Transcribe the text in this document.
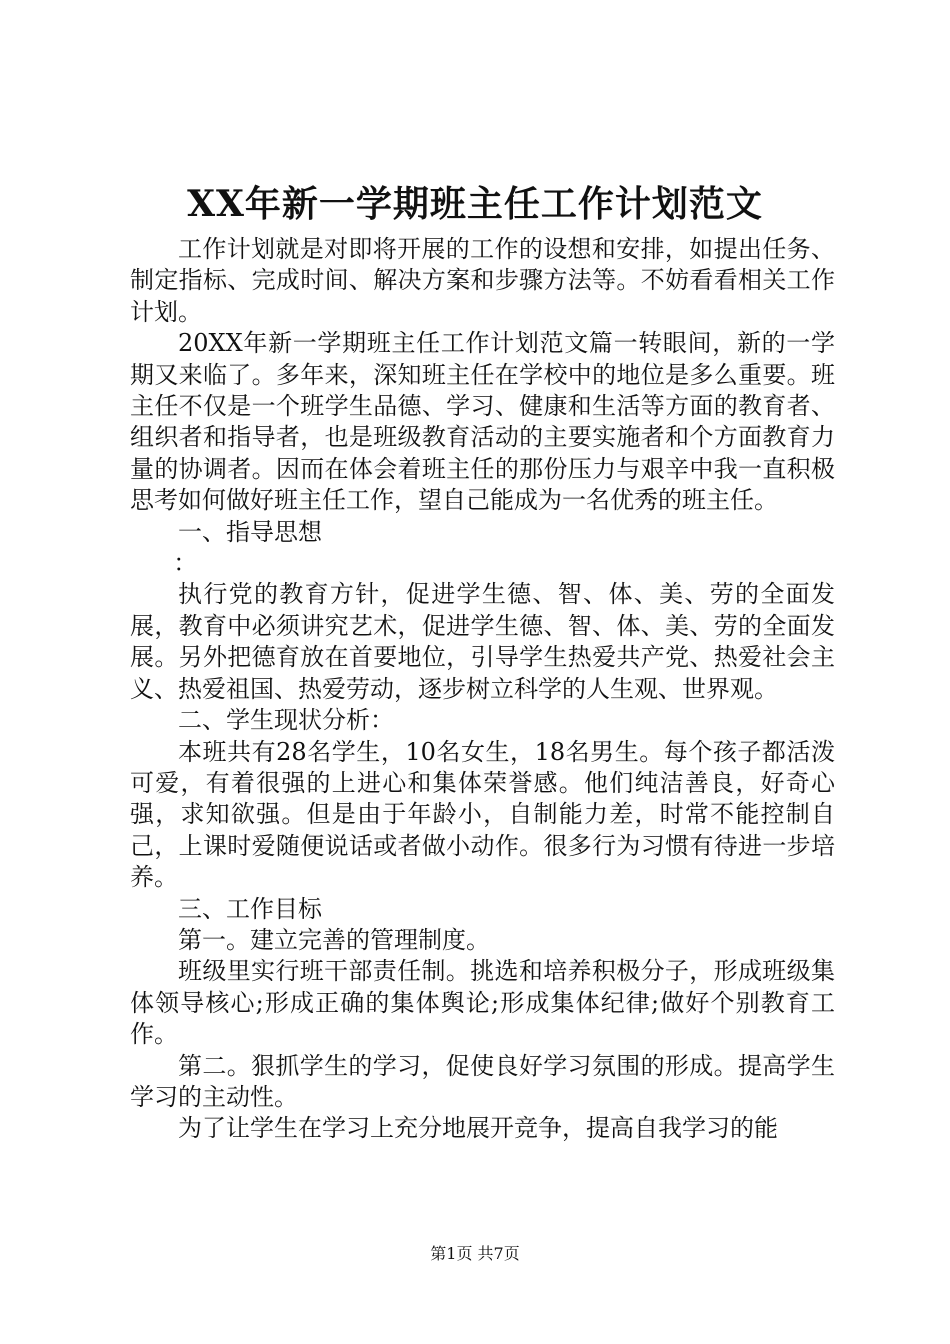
XX年新一学期班主任工作计划范文

工作计划就是对即将开展的工作的设想和安排，如提出任务、制定指标、完成时间、解决方案和步骤方法等。不妨看看相关工作计划。

20XX年新一学期班主任工作计划范文篇一转眼间，新的一学期又来临了。多年来，深知班主任在学校中的地位是多么重要。班主任不仅是一个班学生品德、学习、健康和生活等方面的教育者、组织者和指导者，也是班级教育活动的主要实施者和个方面教育力量的协调者。因而在体会着班主任的那份压力与艰辛中我一直积极思考如何做好班主任工作，望自己能成为一名优秀的班主任。

一、指导思想

：

执行党的教育方针，促进学生德、智、体、美、劳的全面发展，教育中必须讲究艺术，促进学生德、智、体、美、劳的全面发展。另外把德育放在首要地位，引导学生热爱共产党、热爱社会主义、热爱祖国、热爱劳动，逐步树立科学的人生观、世界观。

二、学生现状分析：

本班共有28名学生，10名女生，18名男生。每个孩子都活泼可爱，有着很强的上进心和集体荣誉感。他们纯洁善良，好奇心强，求知欲强。但是由于年龄小，自制能力差，时常不能控制自己，上课时爱随便说话或者做小动作。很多行为习惯有待进一步培养。

三、工作目标

第一。建立完善的管理制度。

班级里实行班干部责任制。挑选和培养积极分子，形成班级集体领导核心;形成正确的集体舆论;形成集体纪律;做好个别教育工作。

第二。狠抓学生的学习，促使良好学习氛围的形成。提高学生学习的主动性。

为了让学生在学习上充分地展开竞争，提高自我学习的能

第1页 共7页
